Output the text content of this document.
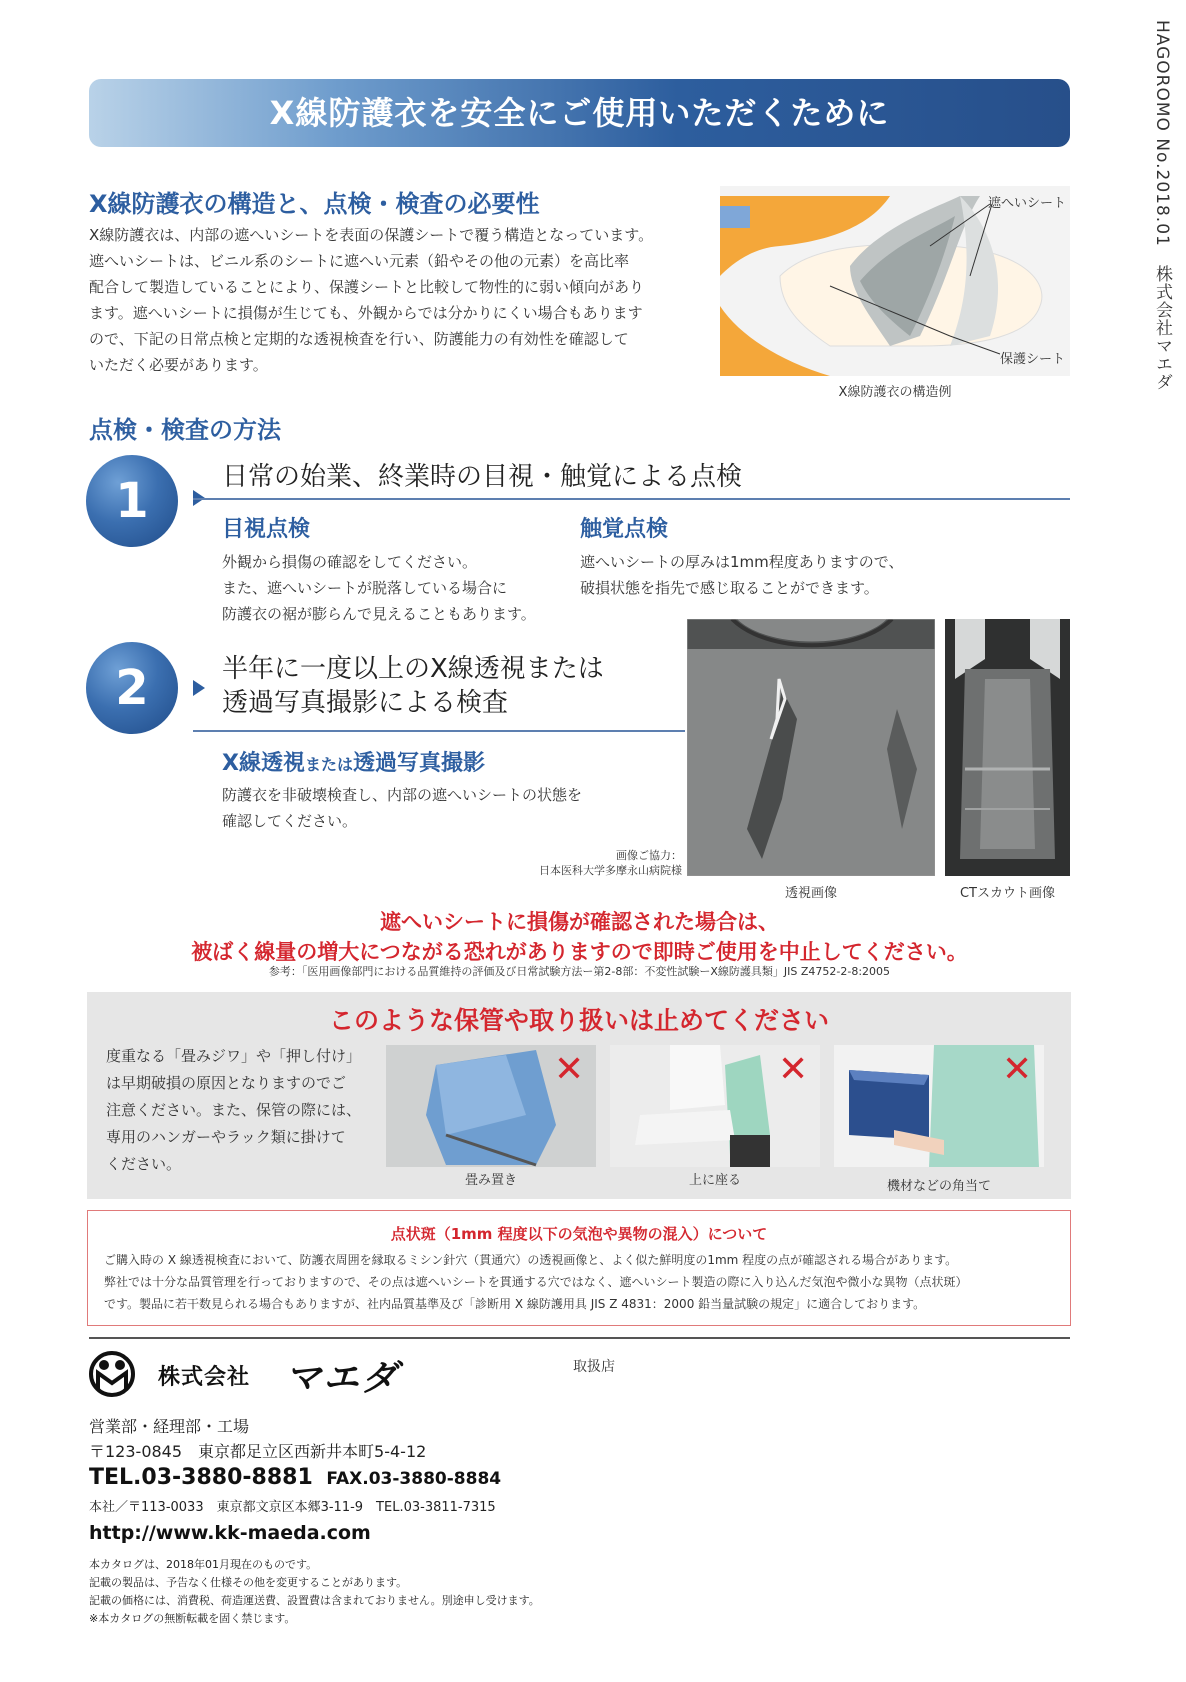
HAGOROMO No.2018.01　株式会社マエダ
X線防護衣を安全にご使用いただくために
X線防護衣の構造と、点検・検査の必要性
X線防護衣は、内部の遮へいシートを表面の保護シートで覆う構造となっています。
遮へいシートは、ビニル系のシートに遮へい元素（鉛やその他の元素）を高比率
配合して製造していることにより、保護シートと比較して物性的に弱い傾向があり
ます。遮へいシートに損傷が生じても、外観からでは分かりにくい場合もあります
ので、下記の日常点検と定期的な透視検査を行い、防護能力の有効性を確認して
いただく必要があります。
遮へいシート
保護シート
X線防護衣の構造例
点検・検査の方法
1	日常の始業、終業時の目視・触覚による点検
目視点検
外観から損傷の確認をしてください。
また、遮へいシートが脱落している場合に
防護衣の裾が膨らんで見えることもあります。
触覚点検
遮へいシートの厚みは1mm程度ありますので、
破損状態を指先で感じ取ることができます。
2	半年に一度以上のX線透視または
透過写真撮影による検査
X線透視または透過写真撮影
防護衣を非破壊検査し、内部の遮へいシートの状態を
確認してください。
画像ご協力：
日本医科大学多摩永山病院様
透視画像	CTスカウト画像
遮へいシートに損傷が確認された場合は、
被ばく線量の増大につながる恐れがありますので即時ご使用を中止してください。
参考：「医用画像部門における品質維持の評価及び日常試験方法ー第2-8部：不変性試験ーX線防護具類」JIS Z4752-2-8:2005
このような保管や取り扱いは止めてください
度重なる「畳みジワ」や「押し付け」
は早期破損の原因となりますのでご
注意ください。また、保管の際には、
専用のハンガーやラック類に掛けて
ください。
✕	✕	✕
畳み置き	上に座る	機材などの角当て
点状斑（1mm 程度以下の気泡や異物の混入）について
ご購入時の X 線透視検査において、防護衣周囲を縁取るミシン針穴（貫通穴）の透視画像と、よく似た鮮明度の1mm 程度の点が確認される場合があります。
弊社では十分な品質管理を行っておりますので、その点は遮へいシートを貫通する穴ではなく、遮へいシート製造の際に入り込んだ気泡や微小な異物（点状斑）
です。製品に若干数見られる場合もありますが、社内品質基準及び「診断用 X 線防護用具 JIS Z 4831：2000 鉛当量試験の規定」に適合しております。
株式会社 マエダ	取扱店
営業部・経理部・工場
〒123-0845　東京都足立区西新井本町5-4-12
TEL.03-3880-8881 FAX.03-3880-8884
本社／〒113-0033　東京都文京区本郷3-11-9　TEL.03-3811-7315
http://www.kk-maeda.com
本カタログは、2018年01月現在のものです。
記載の製品は、予告なく仕様その他を変更することがあります。
記載の価格には、消費税、荷造運送費、設置費は含まれておりません。別途申し受けます。
※本カタログの無断転載を固く禁じます。
